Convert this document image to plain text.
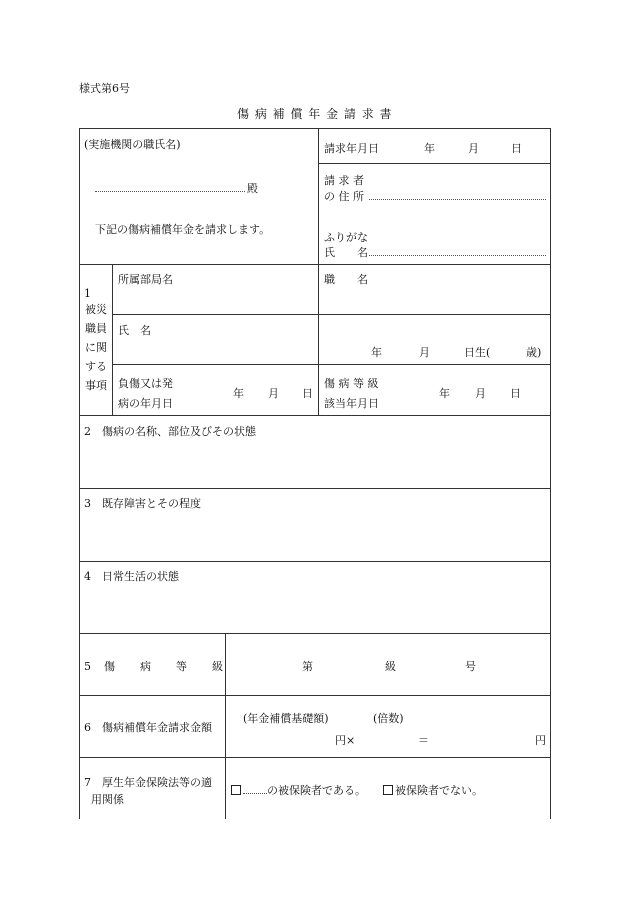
様式第6号
傷 病 補 償 年 金 請 求 書
(実施機関の職氏名)
殿
下記の傷病補償年金を請求します。
請求年月日	年	月	日
請 求 者
の 住 所
ふりがな
氏　　名
1
被災職員に関する事項
所属部局名	職　　名
氏　名
年	月	日生(	歳)
負傷又は発
病の年月日
年 月 日
傷 病 等 級
該当年月日
年 月 日
2　傷病の名称、部位及びその状態
3　既存障害とその程度
4　日常生活の状態
5　傷　　病　　等　　級	第	級	号
6　傷病補償年金請求金額
(年金補償基礎額)	(倍数)
円×	＝	円
7　厚生年金保険法等の適
用関係
の被保険者である。	被保険者でない。
